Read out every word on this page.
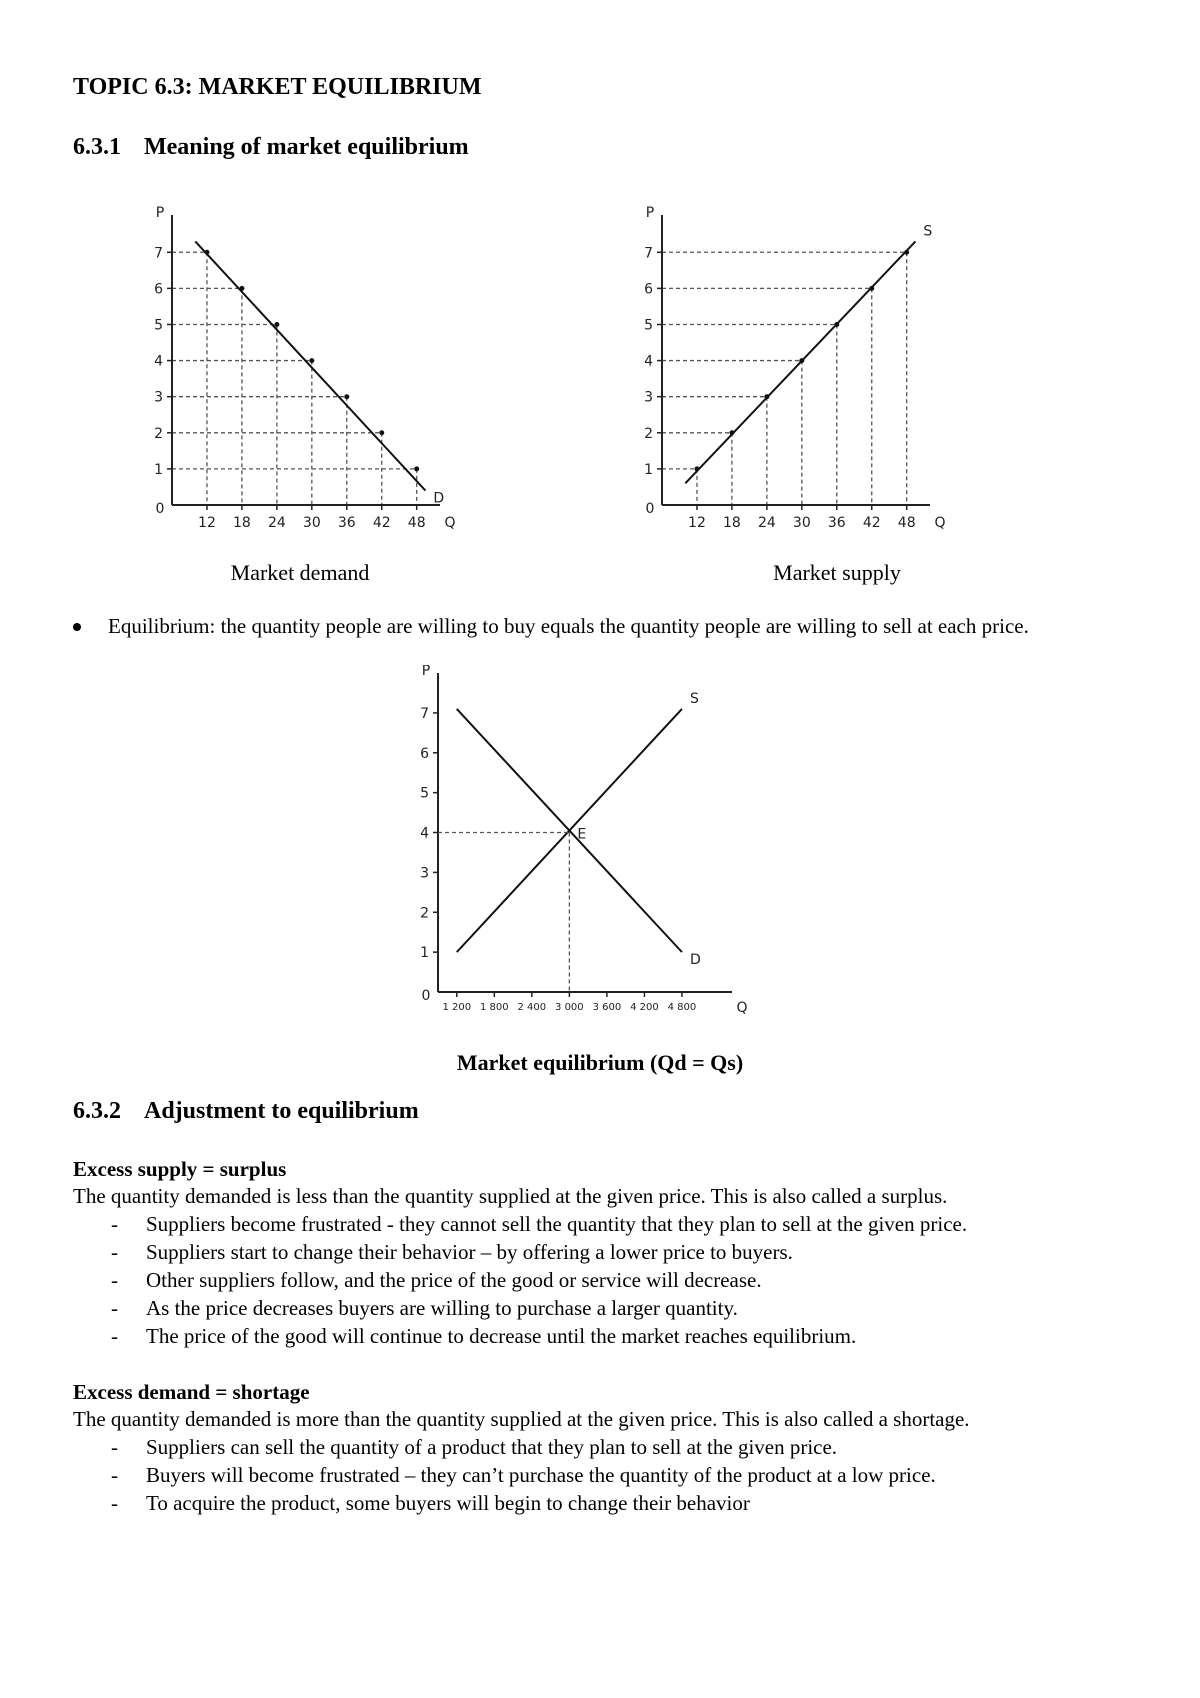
TOPIC 6.3: MARKET EQUILIBRIUM
6.3.1 Meaning of market equilibrium
1
2
3
4
5
6
7
12 18 24 30 36 42 48
P
Q
0
D
1
2
3
4
5
6
7
12 18 24 30 36 42 48
P
Q
0
S
Market demand	Market supply
Equilibrium: the quantity people are willing to buy equals the quantity people are willing to sell at each price.
1
2
3
4
5
6
7
1 200 1 800 2 400 3 000 3 600 4 200 4 800
P
Q
0
D
S
E
Market equilibrium (Qd = Qs)
6.3.2 Adjustment to equilibrium
Excess supply = surplus
The quantity demanded is less than the quantity supplied at the given price. This is also called a surplus.
- Suppliers become frustrated - they cannot sell the quantity that they plan to sell at the given price.
- Suppliers start to change their behavior – by offering a lower price to buyers.
- Other suppliers follow, and the price of the good or service will decrease.
- As the price decreases buyers are willing to purchase a larger quantity.
- The price of the good will continue to decrease until the market reaches equilibrium.
Excess demand = shortage
The quantity demanded is more than the quantity supplied at the given price. This is also called a shortage.
- Suppliers can sell the quantity of a product that they plan to sell at the given price.
- Buyers will become frustrated – they can’t purchase the quantity of the product at a low price.
- To acquire the product, some buyers will begin to change their behavior
